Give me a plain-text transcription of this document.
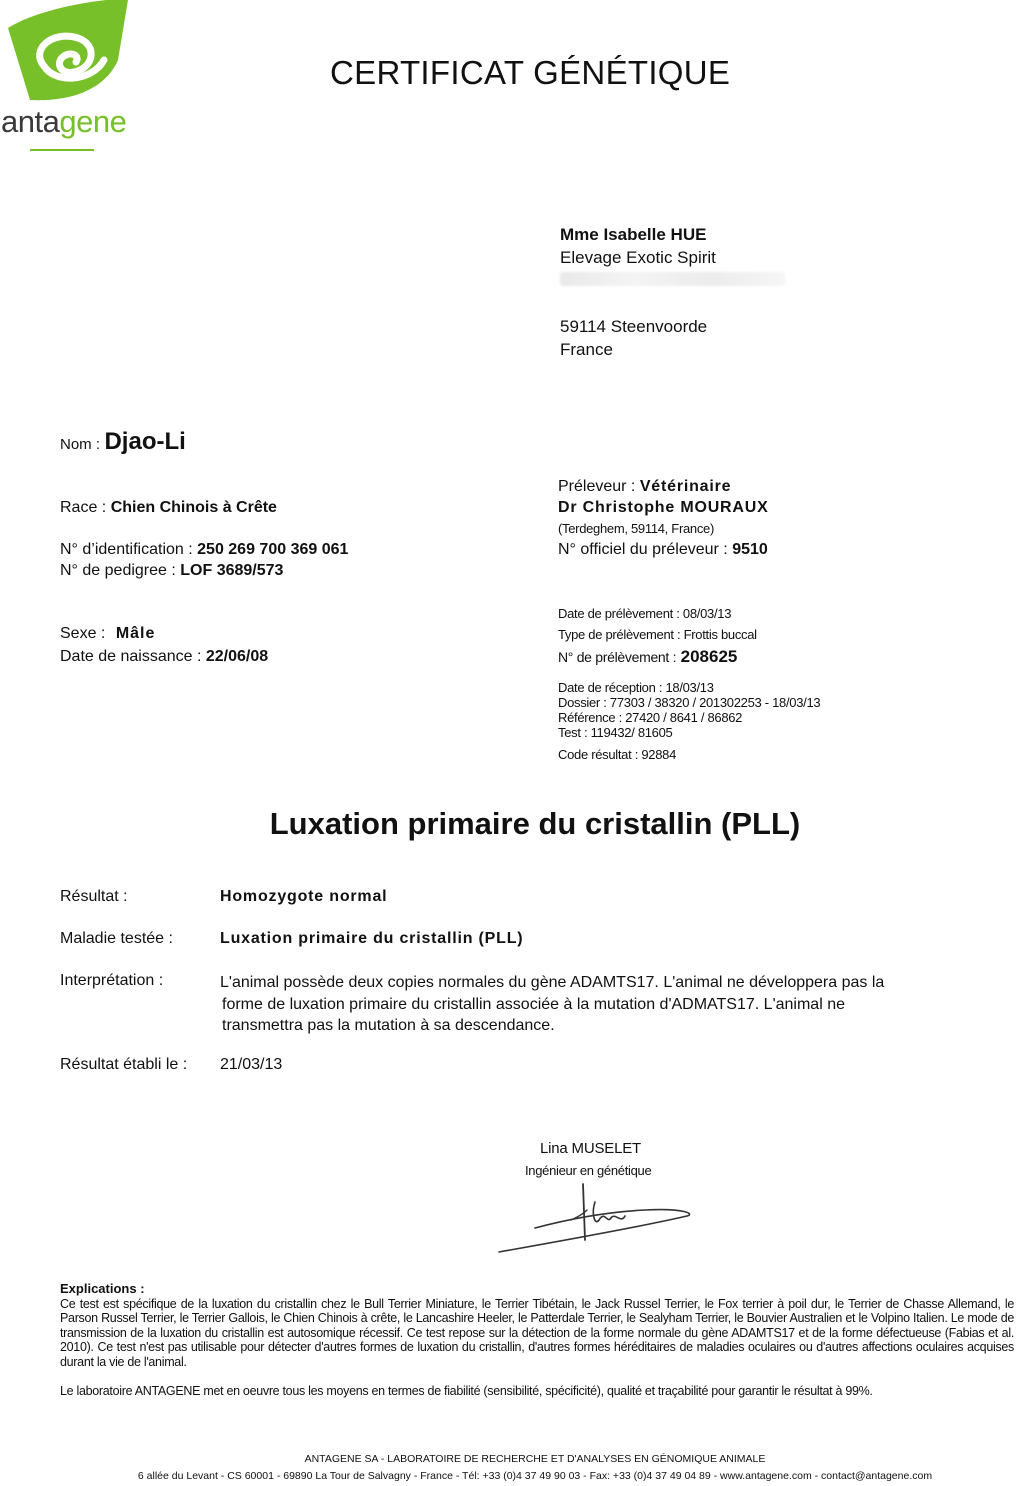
antagene
CERTIFICAT GÉNÉTIQUE
Mme Isabelle HUE
Elevage Exotic Spirit
59114 Steenvoorde
France
Nom : Djao-Li
Race : Chien Chinois à Crête
N° d’identification : 250 269 700 369 061
N° de pedigree : LOF 3689/573
Sexe : Mâle
Date de naissance : 22/06/08
Préleveur : Vétérinaire
Dr Christophe MOURAUX
(Terdeghem, 59114, France)
N° officiel du préleveur : 9510
Date de prélèvement : 08/03/13
Type de prélèvement : Frottis buccal
N° de prélèvement : 208625
Date de réception : 18/03/13
Dossier : 77303 / 38320 / 201302253 - 18/03/13
Référence : 27420 / 8641 / 86862
Test : 119432/ 81605
Code résultat : 92884
Luxation primaire du cristallin (PLL)
Résultat :	Homozygote normal
Maladie testée :	Luxation primaire du cristallin (PLL)
Interprétation :	L'animal possède deux copies normales du gène ADAMTS17. L'animal ne développera pas la

forme de luxation primaire du cristallin associée à la mutation d'ADMATS17. L'animal ne

transmettra pas la mutation à sa descendance.

Résultat établi le : 21/03/13
Lina MUSELET
Ingénieur en génétique
Explications :
Ce test est spécifique de la luxation du cristallin chez le Bull Terrier Miniature, le Terrier Tibétain, le Jack Russel Terrier, le Fox terrier à poil dur, le Terrier de Chasse Allemand, le Parson Russel Terrier, le Terrier Gallois, le Chien Chinois à crête, le Lancashire Heeler, le Patterdale Terrier, le Sealyham Terrier, le Bouvier Australien et le Volpino Italien. Le mode de transmission de la luxation du cristallin est autosomique récessif. Ce test repose sur la détection de la forme normale du gène ADAMTS17 et de la forme défectueuse (Fabias et al. 2010). Ce test n'est pas utilisable pour détecter d'autres formes de luxation du cristallin, d'autres formes héréditaires de maladies oculaires ou d'autres affections oculaires acquises durant la vie de l'animal.
Le laboratoire ANTAGENE met en oeuvre tous les moyens en termes de fiabilité (sensibilité, spécificité), qualité et traçabilité pour garantir le résultat à 99%.
ANTAGENE SA - LABORATOIRE DE RECHERCHE ET D'ANALYSES EN GÉNOMIQUE ANIMALE
6 allée du Levant - CS 60001 - 69890 La Tour de Salvagny - France - Tél: +33 (0)4 37 49 90 03 - Fax: +33 (0)4 37 49 04 89 - www.antagene.com - contact@antagene.com
